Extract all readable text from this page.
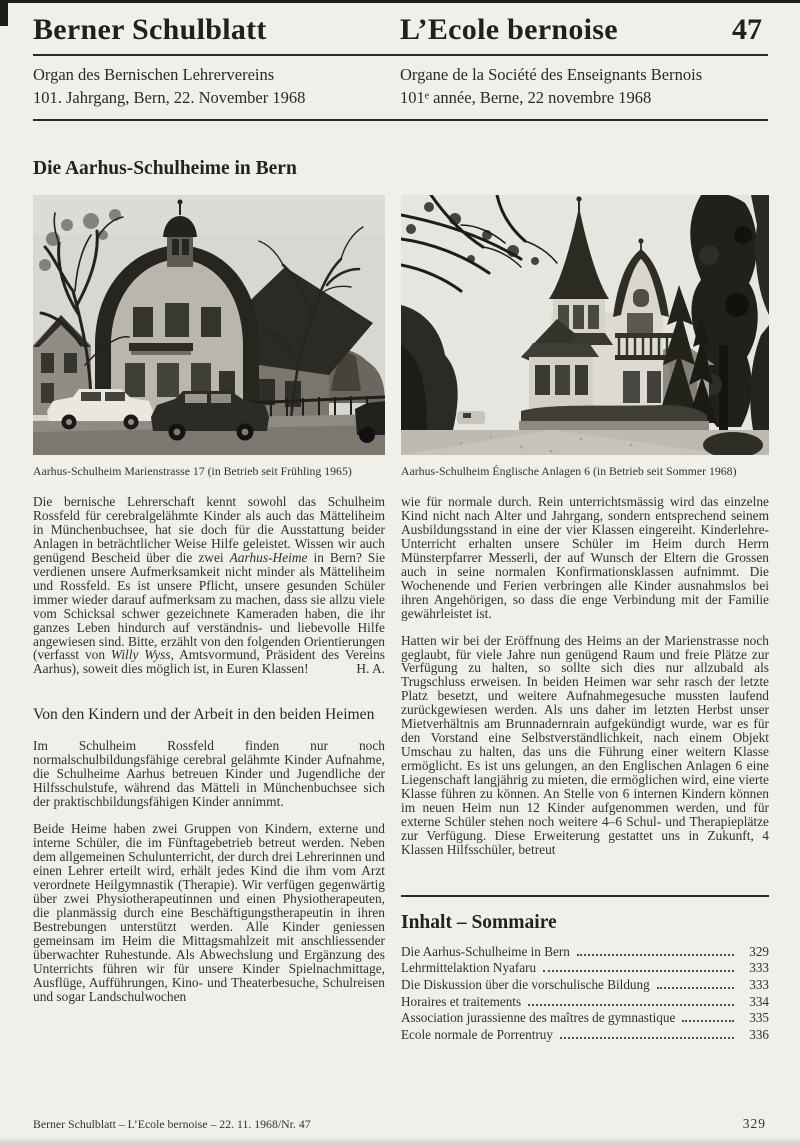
Berner Schulblatt	L’Ecole bernoise	47
Organ des Bernischen Lehrervereins
101. Jahrgang, Bern, 22. November 1968
Organe de la Société des Enseignants Bernois
101ᵉ année, Berne, 22 novembre 1968
Die Aarhus-Schulheime in Bern
Aarhus-Schulheim Marienstrasse 17 (in Betrieb seit Frühling 1965)	Aarhus-Schulheim Énglische Anlagen 6 (in Betrieb seit Sommer 1968)

Die bernische Lehrerschaft kennt sowohl das Schulheim Rossfeld für cerebralgelähmte Kinder als auch das Mätteliheim in Münchenbuchsee, hat sie doch für die Ausstattung beider Anlagen in beträchtlicher Weise Hilfe geleistet. Wissen wir auch genügend Bescheid über die zwei Aarhus-Heime in Bern? Sie verdienen unsere Aufmerksamkeit nicht minder als Mätteliheim und Rossfeld. Es ist unsere Pflicht, unsere gesunden Schüler immer wieder darauf aufmerksam zu machen, dass sie allzu viele vom Schicksal schwer gezeichnete Kameraden haben, die ihr ganzes Leben hindurch auf verständnis- und liebevolle Hilfe angewiesen sind. Bitte, erzählt von den folgenden Orientierungen (verfasst von Willy Wyss, Amtsvormund, Präsident des Vereins Aarhus), soweit dies möglich ist, in Euren Klassen!	H. A.

Von den Kindern und der Arbeit in den beiden Heimen

Im Schulheim Rossfeld finden nur noch normalschulbildungsfähige cerebral gelähmte Kinder Aufnahme, die Schulheime Aarhus betreuen Kinder und Jugendliche der Hilfsschulstufe, während das Mätteli in Münchenbuchsee sich der praktischbildungsfähigen Kinder annimmt.

Beide Heime haben zwei Gruppen von Kindern, externe und interne Schüler, die im Fünftagebetrieb betreut werden. Neben dem allgemeinen Schulunterricht, der durch drei Lehrerinnen und einen Lehrer erteilt wird, erhält jedes Kind die ihm vom Arzt verordnete Heilgymnastik (Therapie). Wir verfügen gegenwärtig über zwei Physiotherapeutinnen und einen Physiotherapeuten, die planmässig durch eine Beschäftigungstherapeutin in ihren Bestrebungen unterstützt werden. Alle Kinder geniessen gemeinsam im Heim die Mittagsmahlzeit mit anschliessender überwachter Ruhestunde. Als Abwechslung und Ergänzung des Unterrichts führen wir für unsere Kinder Spielnachmittage, Ausflüge, Aufführungen, Kino- und Theaterbesuche, Schulreisen und sogar Landschulwochen

wie für normale durch. Rein unterrichtsmässig wird das einzelne Kind nicht nach Alter und Jahrgang, sondern entsprechend seinem Ausbildungsstand in eine der vier Klassen eingereiht. Kinderlehre-Unterricht erhalten unsere Schüler im Heim durch Herrn Münsterpfarrer Messerli, der auf Wunsch der Eltern die Grossen auch in seine normalen Konfirmationsklassen aufnimmt. Die Wochenende und Ferien verbringen alle Kinder ausnahmslos bei ihren Angehörigen, so dass die enge Verbindung mit der Familie gewährleistet ist.

Hatten wir bei der Eröffnung des Heims an der Marienstrasse noch geglaubt, für viele Jahre nun genügend Raum und freie Plätze zur Verfügung zu halten, so sollte sich dies nur allzubald als Trugschluss erweisen. In beiden Heimen war sehr rasch der letzte Platz besetzt, und weitere Aufnahmegesuche mussten laufend zurückgewiesen werden. Als uns daher im letzten Herbst unser Mietverhältnis am Brunnadernrain aufgekündigt wurde, war es für den Vorstand eine Selbstverständlichkeit, nach einem Objekt Umschau zu halten, das uns die Führung einer weitern Klasse ermöglicht. Es ist uns gelungen, an den Englischen Anlagen 6 eine Liegenschaft langjährig zu mieten, die ermöglichen wird, eine vierte Klasse führen zu können. An Stelle von 6 internen Kindern können im neuen Heim nun 12 Kinder aufgenommen werden, und für externe Schüler stehen noch weitere 4–6 Schul- und Therapieplätze zur Verfügung. Diese Erweiterung gestattet uns in Zukunft, 4 Klassen Hilfsschüler, betreut

Inhalt – Sommaire
Die Aarhus-Schulheime in Bern	329
Lehrmittelaktion Nyafaru	333
Die Diskussion über die vorschulische Bildung	333
Horaires et traitements	334
Association jurassienne des maîtres de gymnastique	335
Ecole normale de Porrentruy	336
Berner Schulblatt – L’Ecole bernoise – 22. 11. 1968/Nr. 47	329
